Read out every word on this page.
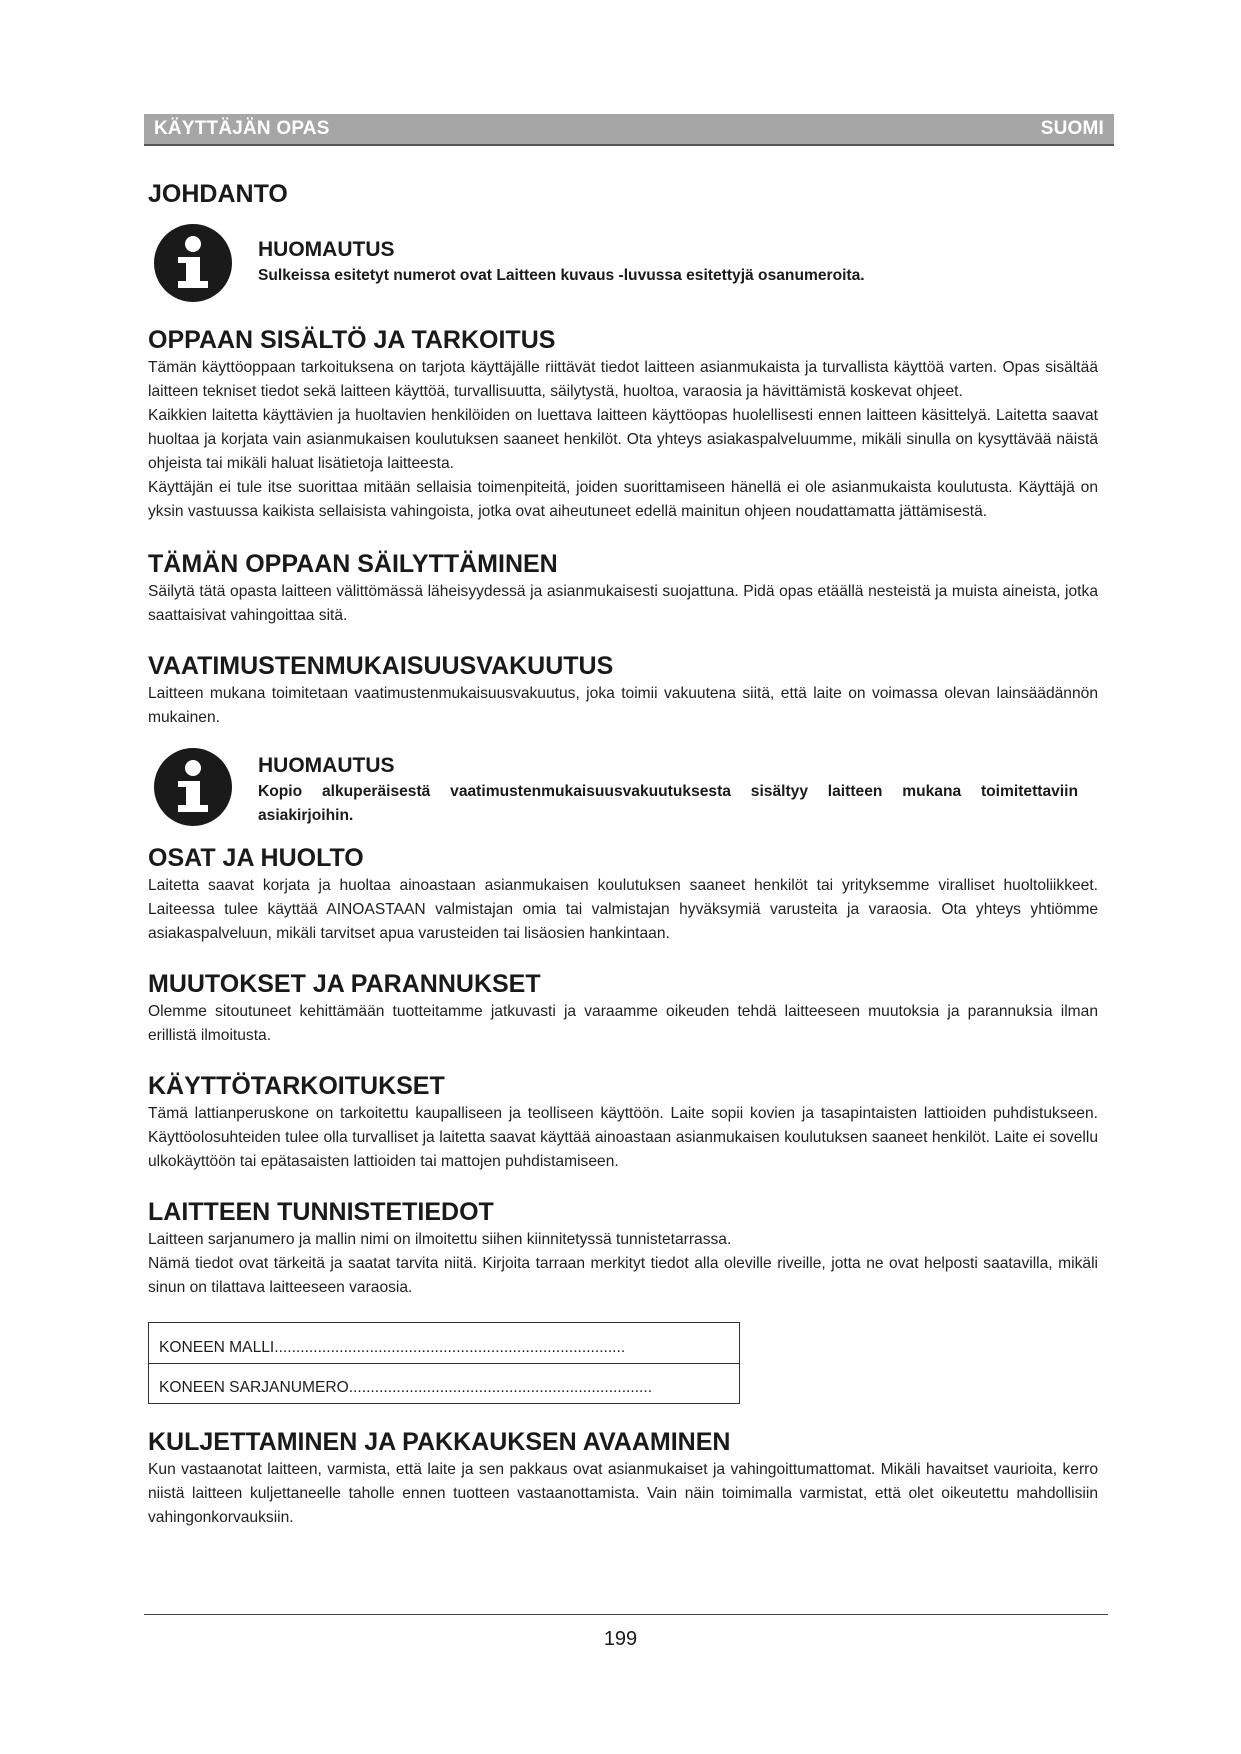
KÄYTTÄJÄN OPAS	SUOMI
JOHDANTO
HUOMAUTUS
Sulkeissa esitetyt numerot ovat Laitteen kuvaus -luvussa esitettyjä osanumeroita.
OPPAAN SISÄLTÖ JA TARKOITUS

Tämän käyttöoppaan tarkoituksena on tarjota käyttäjälle riittävät tiedot laitteen asianmukaista ja turvallista käyttöä varten. Opas sisältää laitteen tekniset tiedot sekä laitteen käyttöä, turvallisuutta, säilytystä, huoltoa, varaosia ja hävittämistä koskevat ohjeet.

Kaikkien laitetta käyttävien ja huoltavien henkilöiden on luettava laitteen käyttöopas huolellisesti ennen laitteen käsittelyä. Laitetta saavat huoltaa ja korjata vain asianmukaisen koulutuksen saaneet henkilöt. Ota yhteys asiakaspalveluumme, mikäli sinulla on kysyttävää näistä ohjeista tai mikäli haluat lisätietoja laitteesta.

Käyttäjän ei tule itse suorittaa mitään sellaisia toimenpiteitä, joiden suorittamiseen hänellä ei ole asianmukaista koulutusta. Käyttäjä on yksin vastuussa kaikista sellaisista vahingoista, jotka ovat aiheutuneet edellä mainitun ohjeen noudattamatta jättämisestä.

TÄMÄN OPPAAN SÄILYTTÄMINEN

Säilytä tätä opasta laitteen välittömässä läheisyydessä ja asianmukaisesti suojattuna. Pidä opas etäällä nesteistä ja muista aineista, jotka saattaisivat vahingoittaa sitä.

VAATIMUSTENMUKAISUUSVAKUUTUS

Laitteen mukana toimitetaan vaatimustenmukaisuusvakuutus, joka toimii vakuutena siitä, että laite on voimassa olevan lainsäädännön mukainen.

HUOMAUTUS
Kopio alkuperäisestä vaatimustenmukaisuusvakuutuksesta sisältyy laitteen mukana toimitettaviin asiakirjoihin.
OSAT JA HUOLTO

Laitetta saavat korjata ja huoltaa ainoastaan asianmukaisen koulutuksen saaneet henkilöt tai yrityksemme viralliset huoltoliikkeet. Laiteessa tulee käyttää AINOASTAAN valmistajan omia tai valmistajan hyväksymiä varusteita ja varaosia. Ota yhteys yhtiömme asiakaspalveluun, mikäli tarvitset apua varusteiden tai lisäosien hankintaan.

MUUTOKSET JA PARANNUKSET

Olemme sitoutuneet kehittämään tuotteitamme jatkuvasti ja varaamme oikeuden tehdä laitteeseen muutoksia ja parannuksia ilman erillistä ilmoitusta.

KÄYTTÖTARKOITUKSET

Tämä lattianperuskone on tarkoitettu kaupalliseen ja teolliseen käyttöön. Laite sopii kovien ja tasapintaisten lattioiden puhdistukseen. Käyttöolosuhteiden tulee olla turvalliset ja laitetta saavat käyttää ainoastaan asianmukaisen koulutuksen saaneet henkilöt. Laite ei sovellu ulkokäyttöön tai epätasaisten lattioiden tai mattojen puhdistamiseen.

LAITTEEN TUNNISTETIEDOT

Laitteen sarjanumero ja mallin nimi on ilmoitettu siihen kiinnitetyssä tunnistetarrassa.

Nämä tiedot ovat tärkeitä ja saatat tarvita niitä. Kirjoita tarraan merkityt tiedot alla oleville riveille, jotta ne ovat helposti saatavilla, mikäli sinun on tilattava laitteeseen varaosia.

KONEEN MALLI.................................................................................
KONEEN SARJANUMERO......................................................................
KULJETTAMINEN JA PAKKAUKSEN AVAAMINEN

Kun vastaanotat laitteen, varmista, että laite ja sen pakkaus ovat asianmukaiset ja vahingoittumattomat. Mikäli havaitset vaurioita, kerro niistä laitteen kuljettaneelle taholle ennen tuotteen vastaanottamista. Vain näin toimimalla varmistat, että olet oikeutettu mahdollisiin vahingonkorvauksiin.

199
